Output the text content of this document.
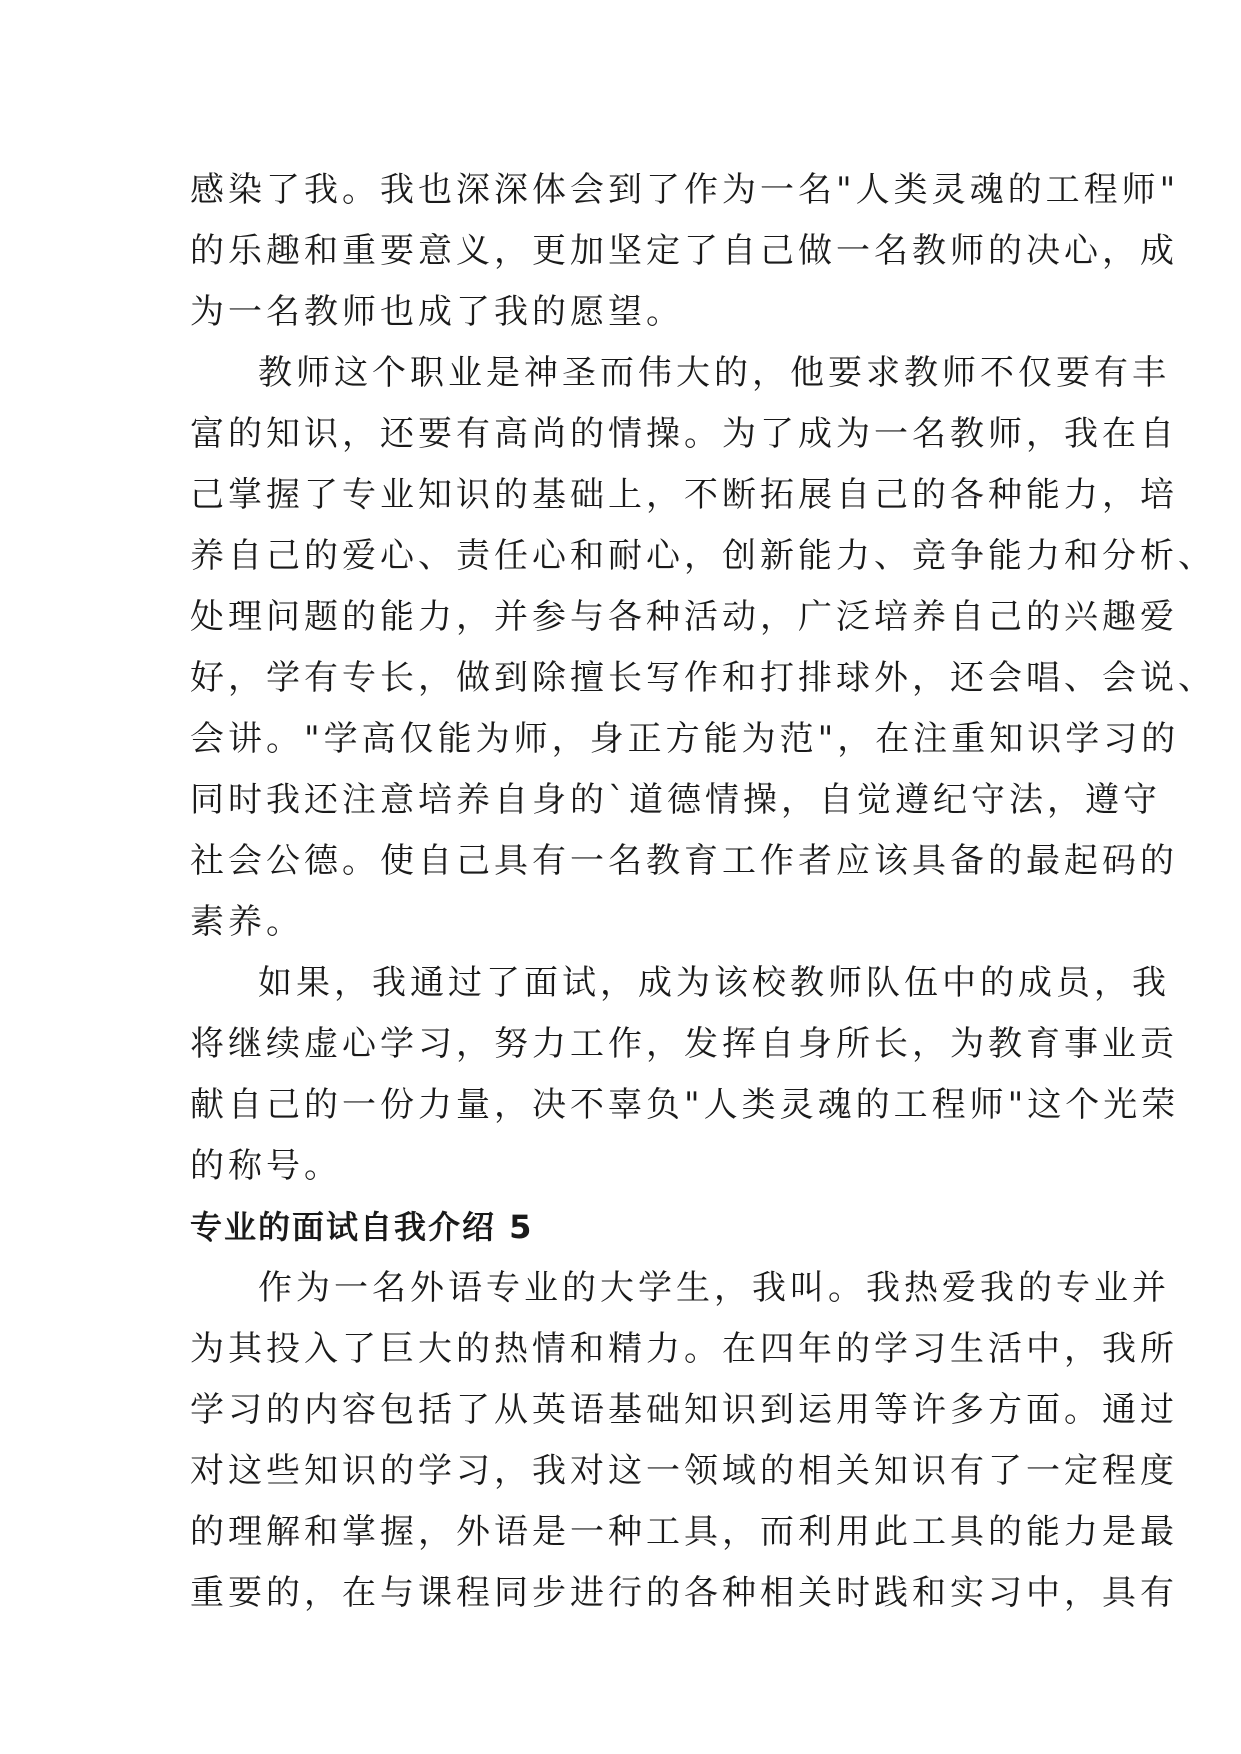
感染了我。我也深深体会到了作为一名"人类灵魂的工程师"
的乐趣和重要意义，更加坚定了自己做一名教师的决心，成
为一名教师也成了我的愿望。

教师这个职业是神圣而伟大的，他要求教师不仅要有丰
富的知识，还要有高尚的情操。为了成为一名教师，我在自
己掌握了专业知识的基础上，不断拓展自己的各种能力，培
养自己的爱心、责任心和耐心，创新能力、竞争能力和分析、
处理问题的能力，并参与各种活动，广泛培养自己的兴趣爱
好，学有专长，做到除擅长写作和打排球外，还会唱、会说、
会讲。"学高仅能为师，身正方能为范"，在注重知识学习的
同时我还注意培养自身的`道德情操，自觉遵纪守法，遵守
社会公德。使自己具有一名教育工作者应该具备的最起码的
素养。

如果，我通过了面试，成为该校教师队伍中的成员，我
将继续虚心学习，努力工作，发挥自身所长，为教育事业贡
献自己的一份力量，决不辜负"人类灵魂的工程师"这个光荣
的称号。

专业的面试自我介绍 5

作为一名外语专业的大学生，我叫。我热爱我的专业并
为其投入了巨大的热情和精力。在四年的学习生活中，我所
学习的内容包括了从英语基础知识到运用等许多方面。通过
对这些知识的学习，我对这一领域的相关知识有了一定程度
的理解和掌握，外语是一种工具，而利用此工具的能力是最
重要的，在与课程同步进行的各种相关时践和实习中，具有
